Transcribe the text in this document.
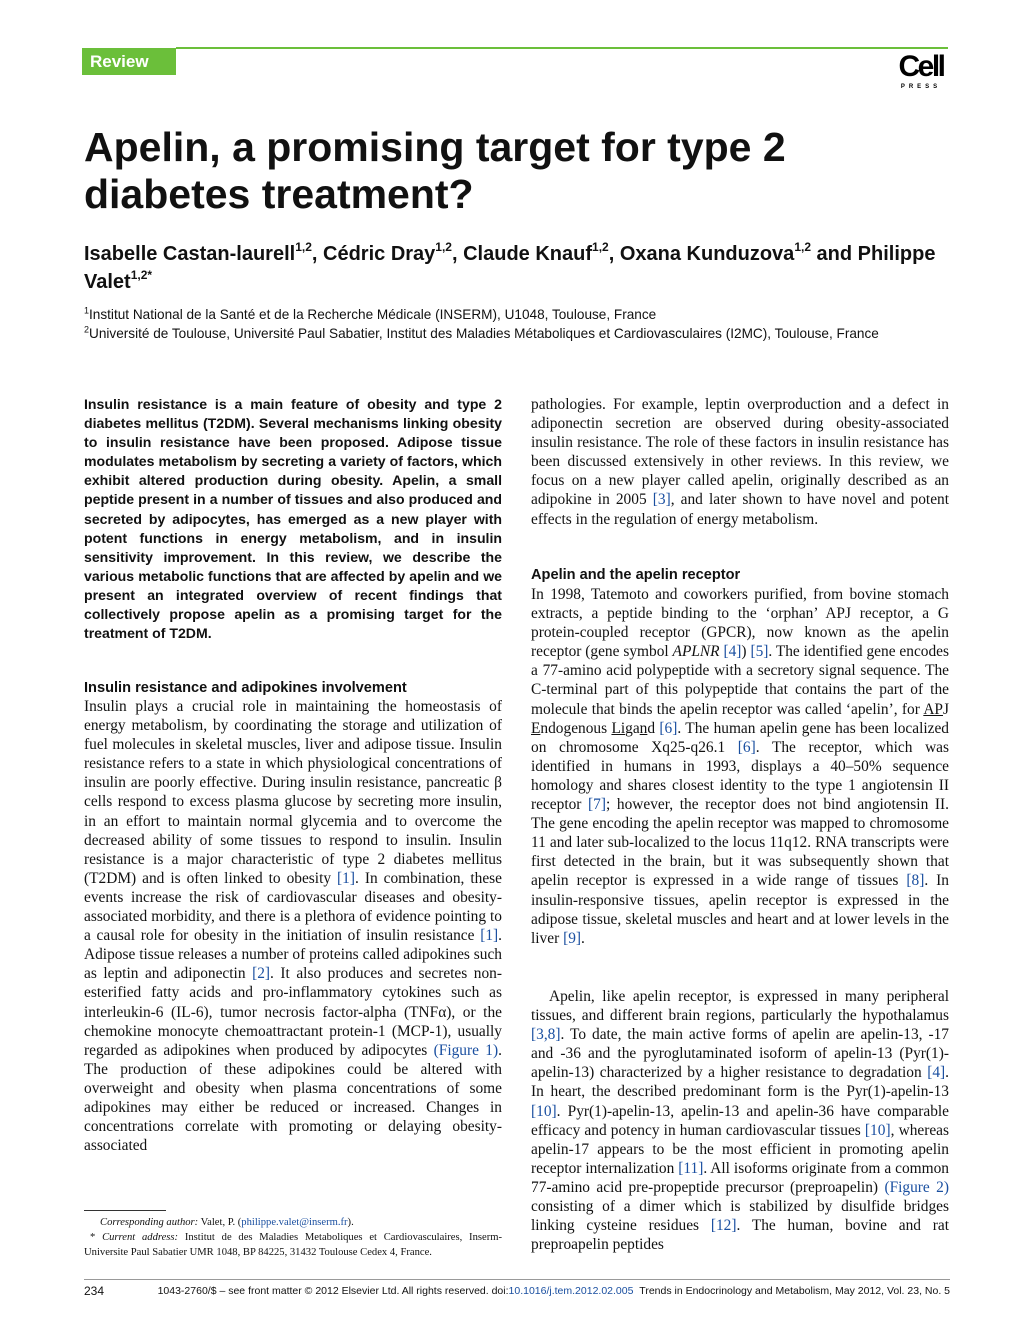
Review	Cell
PRESS
Apelin, a promising target for type 2 diabetes treatment?

Isabelle Castan-laurell$^{1,2}$, Cédric Dray$^{1,2}$, Claude Knauf$^{1,2}$, Oxana Kunduzova$^{1,2}$ and Philippe Valet$^{1,2*}$

$^1$Institut National de la Santé et de la Recherche Médicale (INSERM), U1048, Toulouse, France
$^2$Université de Toulouse, Université Paul Sabatier, Institut des Maladies Métaboliques et Cardiovasculaires (I2MC), Toulouse, France

Insulin resistance is a main feature of obesity and type 2 diabetes mellitus (T2DM). Several mechanisms linking obesity to insulin resistance have been proposed. Adipose tissue modulates metabolism by secreting a variety of factors, which exhibit altered production during obesity. Apelin, a small peptide present in a number of tissues and also produced and secreted by adipocytes, has emerged as a new player with potent functions in energy metabolism, and in insulin sensitivity improvement. In this review, we describe the various metabolic functions that are affected by apelin and we present an integrated overview of recent findings that collectively propose apelin as a promising target for the treatment of T2DM.

Insulin resistance and adipokines involvement
Apelin and the apelin receptor

Insulin plays a crucial role in maintaining the homeostasis of energy metabolism, by coordinating the storage and utilization of fuel molecules in skeletal muscles, liver and adipose tissue. Insulin resistance refers to a state in which physiological concentrations of insulin are poorly effective. During insulin resistance, pancreatic β cells respond to excess plasma glucose by secreting more insulin, in an effort to maintain normal glycemia and to overcome the decreased ability of some tissues to respond to insulin. Insulin resistance is a major characteristic of type 2 diabetes mellitus (T2DM) and is often linked to obesity [1]. In combination, these events increase the risk of cardiovascular diseases and obesity-associated morbidity, and there is a plethora of evidence pointing to a causal role for obesity in the initiation of insulin resistance [1]. Adipose tissue releases a number of proteins called adipokines such as leptin and adiponectin [2]. It also produces and secretes non-esterified fatty acids and pro-inflammatory cytokines such as interleukin-6 (IL-6), tumor necrosis factor-alpha (TNFα), or the chemokine monocyte chemoattractant protein-1 (MCP-1), usually regarded as adipokines when produced by adipocytes (Figure 1). The production of these adipokines could be altered with overweight and obesity when plasma concentrations of some adipokines may either be reduced or increased. Changes in concentrations correlate with promoting or delaying obesity-associated

pathologies. For example, leptin overproduction and a defect in adiponectin secretion are observed during obesity-associated insulin resistance. The role of these factors in insulin resistance has been discussed extensively in other reviews. In this review, we focus on a new player called apelin, originally described as an adipokine in 2005 [3], and later shown to have novel and potent effects in the regulation of energy metabolism.

In 1998, Tatemoto and coworkers purified, from bovine stomach extracts, a peptide binding to the ‘orphan’ APJ receptor, a G protein-coupled receptor (GPCR), now known as the apelin receptor (gene symbol APLNR [4]) [5]. The identified gene encodes a 77-amino acid polypeptide with a secretory signal sequence. The C-terminal part of this polypeptide that contains the part of the molecule that binds the apelin receptor was called ‘apelin’, for APJ Endogenous Ligand [6]. The human apelin gene has been localized on chromosome Xq25-q26.1 [6]. The receptor, which was identified in humans in 1993, displays a 40–50% sequence homology and shares closest identity to the type 1 angiotensin II receptor [7]; however, the receptor does not bind angiotensin II. The gene encoding the apelin receptor was mapped to chromosome 11 and later sub-localized to the locus 11q12. RNA transcripts were first detected in the brain, but it was subsequently shown that apelin receptor is expressed in a wide range of tissues [8]. In insulin-responsive tissues, apelin receptor is expressed in the adipose tissue, skeletal muscles and heart and at lower levels in the liver [9].

Apelin, like apelin receptor, is expressed in many peripheral tissues, and different brain regions, particularly the hypothalamus [3,8]. To date, the main active forms of apelin are apelin-13, -17 and -36 and the pyroglutaminated isoform of apelin-13 (Pyr(1)-apelin-13) characterized by a higher resistance to degradation [4]. In heart, the described predominant form is the Pyr(1)-apelin-13 [10]. Pyr(1)-apelin-13, apelin-13 and apelin-36 have comparable efficacy and potency in human cardiovascular tissues [10], whereas apelin-17 appears to be the most efficient in promoting apelin receptor internalization [11]. All isoforms originate from a common 77-amino acid pre-propeptide precursor (preproapelin) (Figure 2) consisting of a dimer which is stabilized by disulfide bridges linking cysteine residues [12]. The human, bovine and rat preproapelin peptides

Corresponding author: Valet, P. (philippe.valet@inserm.fr).
* Current address: Institut de des Maladies Metaboliques et Cardiovasculaires, Inserm-Universite Paul Sabatier UMR 1048, BP 84225, 31432 Toulouse Cedex 4, France.
234	1043-2760/$ – see front matter © 2012 Elsevier Ltd. All rights reserved. doi:10.1016/j.tem.2012.02.005 Trends in Endocrinology and Metabolism, May 2012, Vol. 23, No. 5
